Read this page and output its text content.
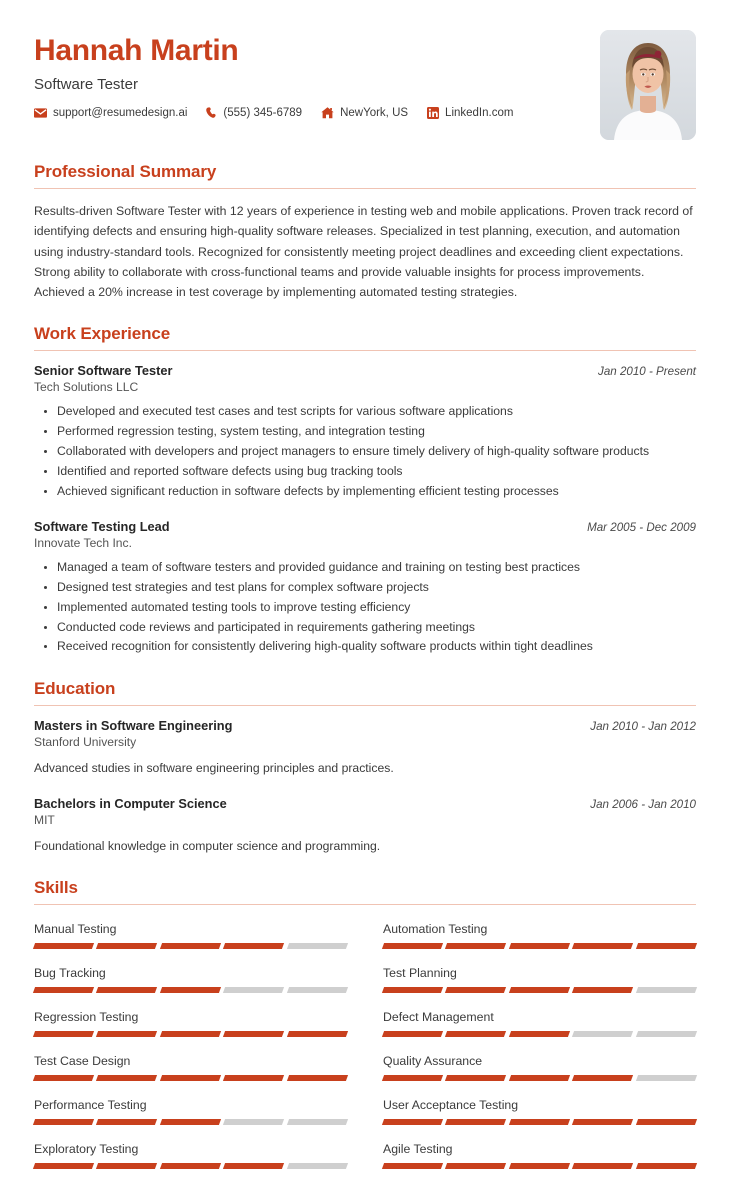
Hannah Martin
Software Tester
support@resumedesign.ai	(555) 345-6789	NewYork, US	LinkedIn.com
Professional Summary
Results-driven Software Tester with 12 years of experience in testing web and mobile applications. Proven track record of identifying defects and ensuring high-quality software releases. Specialized in test planning, execution, and automation using industry-standard tools. Recognized for consistently meeting project deadlines and exceeding client expectations. Strong ability to collaborate with cross-functional teams and provide valuable insights for process improvements. Achieved a 20% increase in test coverage by implementing automated testing strategies.
Work Experience
Senior Software Tester	Jan 2010 - Present
Tech Solutions LLC
Developed and executed test cases and test scripts for various software applications
Performed regression testing, system testing, and integration testing
Collaborated with developers and project managers to ensure timely delivery of high-quality software products
Identified and reported software defects using bug tracking tools
Achieved significant reduction in software defects by implementing efficient testing processes
Software Testing Lead	Mar 2005 - Dec 2009
Innovate Tech Inc.
Managed a team of software testers and provided guidance and training on testing best practices
Designed test strategies and test plans for complex software projects
Implemented automated testing tools to improve testing efficiency
Conducted code reviews and participated in requirements gathering meetings
Received recognition for consistently delivering high-quality software products within tight deadlines
Education
Masters in Software Engineering	Jan 2010 - Jan 2012
Stanford University
Advanced studies in software engineering principles and practices.
Bachelors in Computer Science	Jan 2006 - Jan 2010
MIT
Foundational knowledge in computer science and programming.
Skills
Manual Testing	Automation Testing
Bug Tracking	Test Planning
Regression Testing	Defect Management
Test Case Design	Quality Assurance
Performance Testing	User Acceptance Testing
Exploratory Testing	Agile Testing
